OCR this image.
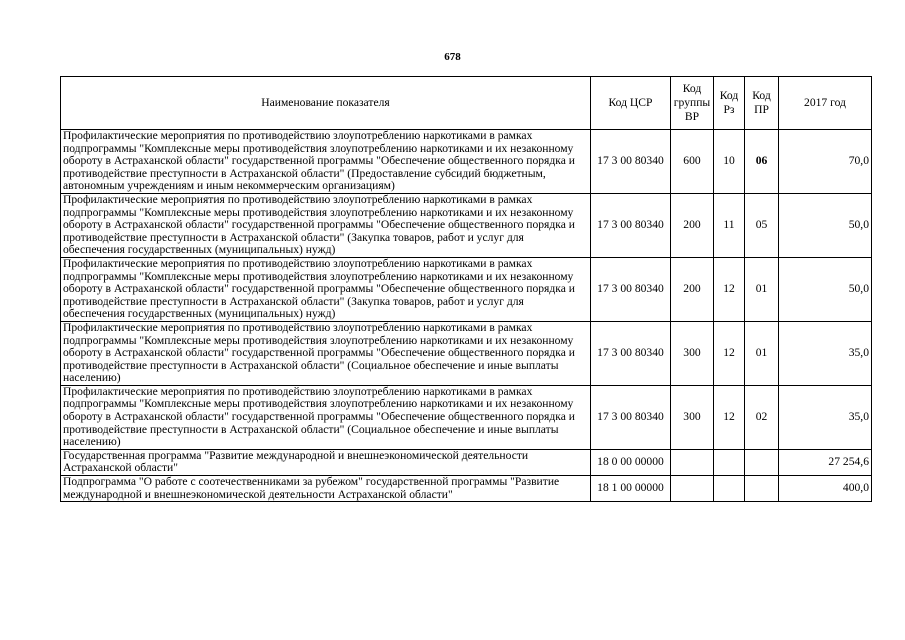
678
Наименование показателя	Код ЦСР	Код группы ВР	Код Рз	Код ПР	2017 год
Профилактические мероприятия по противодействию злоупотреблению наркотиками в рамках подпрограммы "Комплексные меры противодействия злоупотреблению наркотиками и их незаконному обороту в Астраханской области" государственной программы "Обеспечение общественного порядка и противодействие преступности в Астраханской области" (Предоставление субсидий бюджетным, автономным учреждениям и иным некоммерческим организациям)	17 3 00 80340	600	10	06	70,0
Профилактические мероприятия по противодействию злоупотреблению наркотиками в рамках подпрограммы "Комплексные меры противодействия злоупотреблению наркотиками и их незаконному обороту в Астраханской области" государственной программы "Обеспечение общественного порядка и противодействие преступности в Астраханской области" (Закупка товаров, работ и услуг для обеспечения государственных (муниципальных) нужд)	17 3 00 80340	200	11	05	50,0
Профилактические мероприятия по противодействию злоупотреблению наркотиками в рамках подпрограммы "Комплексные меры противодействия злоупотреблению наркотиками и их незаконному обороту в Астраханской области" государственной программы "Обеспечение общественного порядка и противодействие преступности в Астраханской области" (Закупка товаров, работ и услуг для обеспечения государственных (муниципальных) нужд)	17 3 00 80340	200	12	01	50,0
Профилактические мероприятия по противодействию злоупотреблению наркотиками в рамках подпрограммы "Комплексные меры противодействия злоупотреблению наркотиками и их незаконному обороту в Астраханской области" государственной программы "Обеспечение общественного порядка и противодействие преступности в Астраханской области" (Социальное обеспечение и иные выплаты населению)	17 3 00 80340	300	12	01	35,0
Профилактические мероприятия по противодействию злоупотреблению наркотиками в рамках подпрограммы "Комплексные меры противодействия злоупотреблению наркотиками и их незаконному обороту в Астраханской области" государственной программы "Обеспечение общественного порядка и противодействие преступности в Астраханской области" (Социальное обеспечение и иные выплаты населению)	17 3 00 80340	300	12	02	35,0
Государственная программа "Развитие международной и внешнеэкономической деятельности Астраханской области"	18 0 00 00000				27 254,6
Подпрограмма "О работе с соотечественниками за рубежом" государственной программы "Развитие международной и внешнеэкономической деятельности Астраханской области"	18 1 00 00000				400,0
